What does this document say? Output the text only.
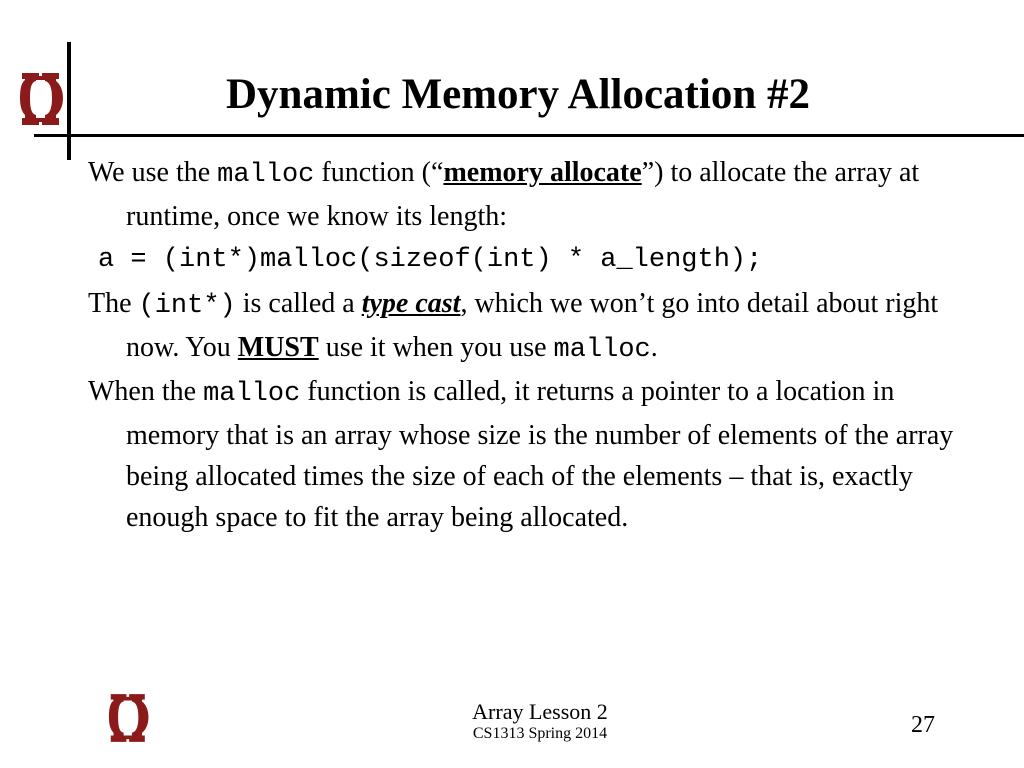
Dynamic Memory Allocation #2

We use the malloc function (“memory allocate”) to allocate the array at runtime, once we know its length:

a = (int*)malloc(sizeof(int) * a_length);

The (int*) is called a type cast, which we won’t go into detail about right now. You MUST use it when you use malloc.

When the malloc function is called, it returns a pointer to a location in memory that is an array whose size is the number of elements of the array being allocated times the size of each of the elements – that is, exactly enough space to fit the array being allocated.

Array Lesson 2
CS1313 Spring 2014	27
